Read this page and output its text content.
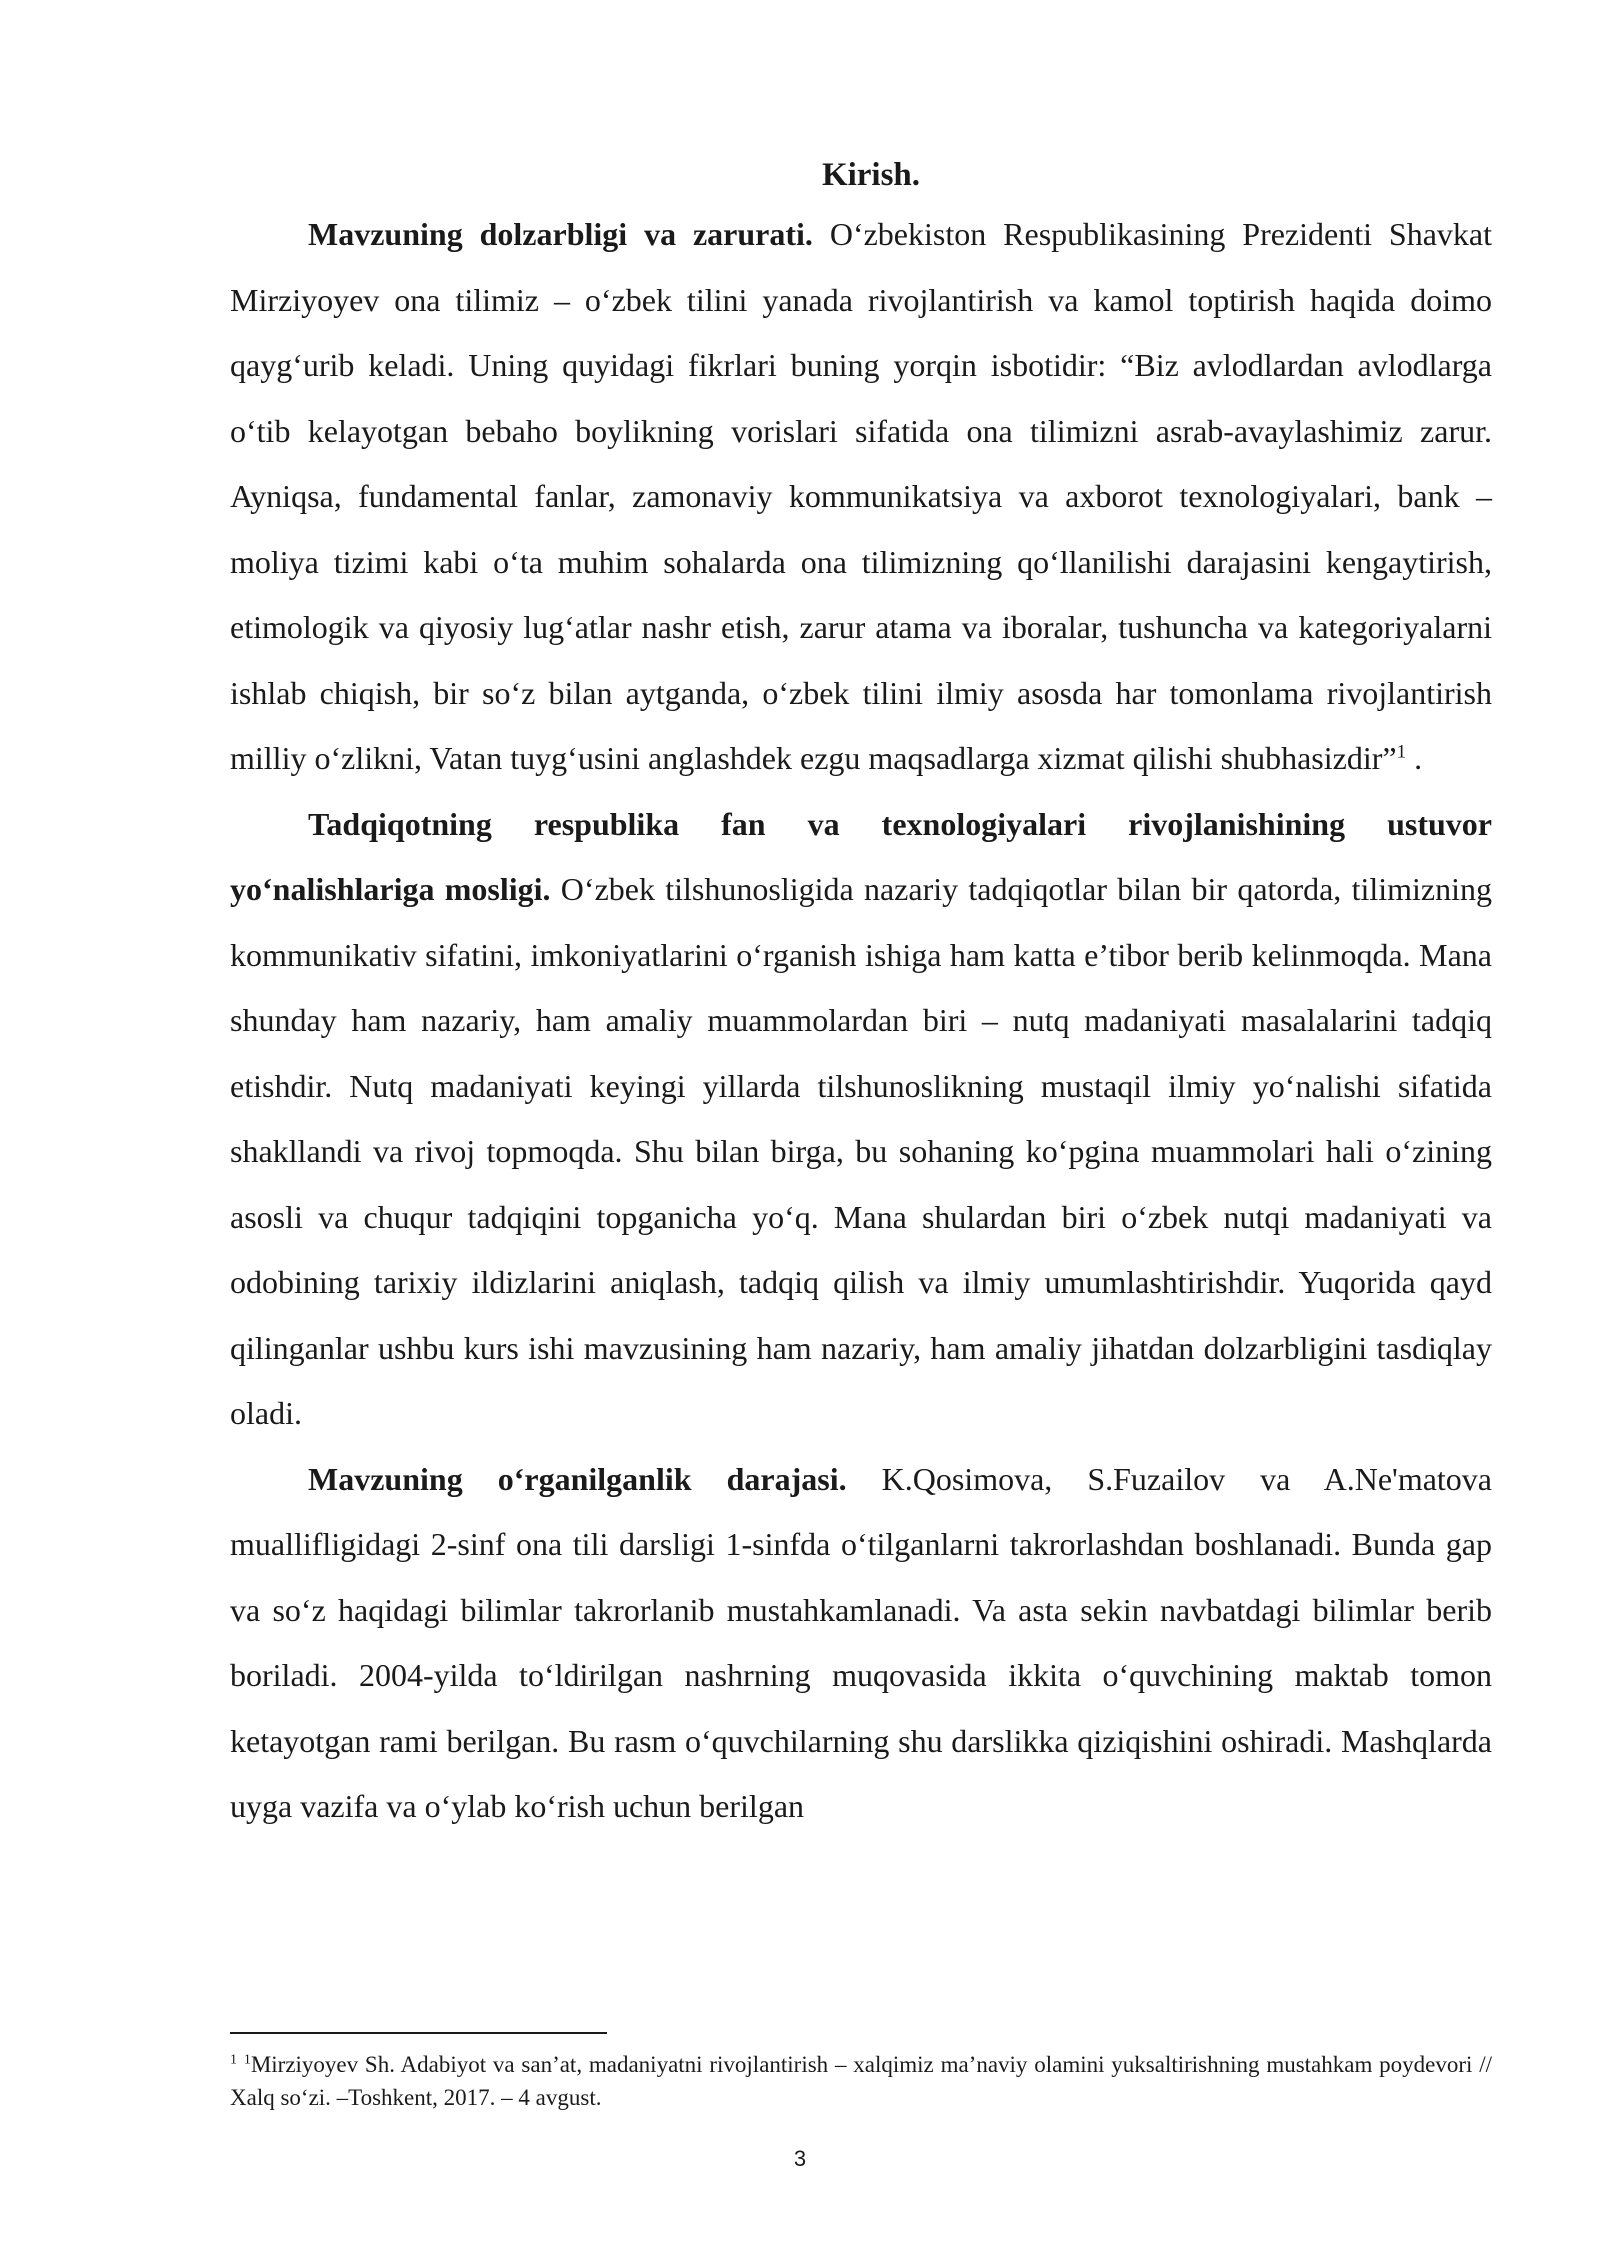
Kirish.

Mavzuning dolzarbligi va zarurati. O‘zbekiston Respublikasining Prezidenti Shavkat Mirziyoyev ona tilimiz – o‘zbek tilini yanada rivojlantirish va kamol toptirish haqida doimo qayg‘urib keladi. Uning quyidagi fikrlari buning yorqin isbotidir: “Biz avlodlardan avlodlarga o‘tib kelayotgan bebaho boylikning vorislari sifatida ona tilimizni asrab-avaylashimiz zarur. Ayniqsa, fundamental fanlar, zamonaviy kommunikatsiya va axborot texnologiyalari, bank – moliya tizimi kabi o‘ta muhim sohalarda ona tilimizning qo‘llanilishi darajasini kengaytirish, etimologik va qiyosiy lug‘atlar nashr etish, zarur atama va iboralar, tushuncha va kategoriyalarni ishlab chiqish, bir so‘z bilan aytganda, o‘zbek tilini ilmiy asosda har tomonlama rivojlantirish milliy o‘zlikni, Vatan tuyg‘usini anglashdek ezgu maqsadlarga xizmat qilishi shubhasizdir”$^1$ .

Tadqiqotning respublika fan va texnologiyalari rivojlanishining ustuvor yo‘nalishlariga mosligi. O‘zbek tilshunosligida nazariy tadqiqotlar bilan bir qatorda, tilimizning kommunikativ sifatini, imkoniyatlarini o‘rganish ishiga ham katta e’tibor berib kelinmoqda. Mana shunday ham nazariy, ham amaliy muammolardan biri – nutq madaniyati masalalarini tadqiq etishdir. Nutq madaniyati keyingi yillarda tilshunoslikning mustaqil ilmiy yo‘nalishi sifatida shakllandi va rivoj topmoqda. Shu bilan birga, bu sohaning ko‘pgina muammolari hali o‘zining asosli va chuqur tadqiqini topganicha yo‘q. Mana shulardan biri o‘zbek nutqi madaniyati va odobining tarixiy ildizlarini aniqlash, tadqiq qilish va ilmiy umumlashtirishdir. Yuqorida qayd qilinganlar ushbu kurs ishi mavzusining ham nazariy, ham amaliy jihatdan dolzarbligini tasdiqlay oladi.

Mavzuning o‘rganilganlik darajasi. K.Qosimova, S.Fuzailov va A.Ne'matova muallifligidagi 2-sinf ona tili darsligi 1-sinfda o‘tilganlarni takrorlashdan boshlanadi. Bunda gap va so‘z haqidagi bilimlar takrorlanib mustahkamlanadi. Va asta sekin navbatdagi bilimlar berib boriladi. 2004-yilda to‘ldirilgan nashrning muqovasida ikkita o‘quvchining maktab tomon ketayotgan rami berilgan. Bu rasm o‘quvchilarning shu darslikka qiziqishini oshiradi. Mashqlarda uyga vazifa va o‘ylab ko‘rish uchun berilgan

$^1$ $^1$Mirziyoyev Sh. Adabiyot va san’at, madaniyatni rivojlantirish – xalqimiz ma’naviy olamini yuksaltirishning mustahkam poydevori // Xalq so‘zi. –Toshkent, 2017. – 4 avgust.

3
